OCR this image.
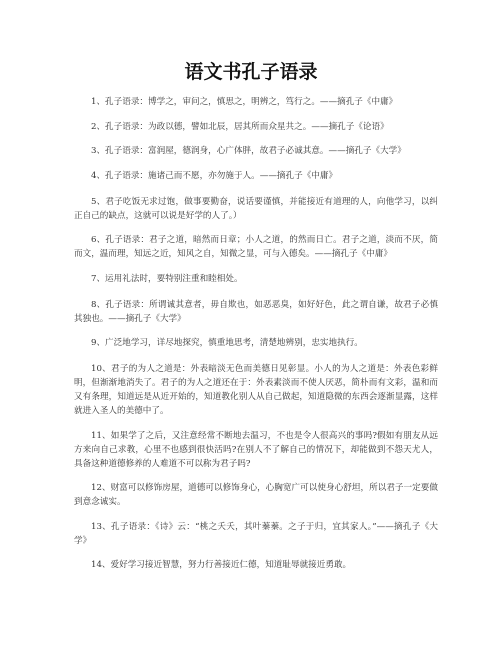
语文书孔子语录

1、孔子语录：博学之，审问之，慎思之，明辨之，笃行之。——摘孔子《中庸》

2、孔子语录：为政以德，譬如北辰，居其所而众星共之。——摘孔子《论语》

3、孔子语录：富润屋，德润身，心广体胖，故君子必诚其意。——摘孔子《大学》

4、孔子语录：施诸己而不愿，亦勿施于人。——摘孔子《中庸》

5、君子吃饭无求过饱，做事要勤奋，说话要谨慎，并能接近有道理的人，向他学习，以纠正自己的缺点，这就可以说是好学的人了。）

6、孔子语录：君子之道，暗然而日章；小人之道，的然而日亡。君子之道，淡而不厌，简而文，温而理，知远之近，知风之自，知微之显，可与入德矣。——摘孔子《中庸》

7、运用礼法时，要特别注重和睦相处。

8、孔子语录：所谓诚其意者，毋自欺也，如恶恶臭，如好好色，此之谓自谦，故君子必慎其独也。——摘孔子《大学》

9、广泛地学习，详尽地探究，慎重地思考，清楚地辨别，忠实地执行。

10、君子的为人之道是：外表暗淡无色而美德日见彰显。小人的为人之道是：外表色彩鲜明，但渐渐地消失了。君子的为人之道还在于：外表素淡而不使人厌恶，简朴而有文彩，温和而又有条理，知道远是从近开始的，知道教化别人从自己做起，知道隐微的东西会逐渐显露，这样就进入圣人的美德中了。

11、如果学了之后，又注意经常不断地去温习，不也是令人很高兴的事吗?假如有朋友从远方来向自己求教，心里不也感到很快活吗?在别人不了解自己的情况下，却能做到不怨天尤人，具备这种道德修养的人难道不可以称为君子吗?

12、财富可以修饰房屋，道德可以修饰身心，心胸宽广可以使身心舒坦，所以君子一定要做到意念诚实。

13、孔子语录：《诗》云：“桃之夭夭，其叶蓁蓁。之子于归，宜其家人。”——摘孔子《大学》

14、爱好学习接近智慧，努力行善接近仁德，知道耻辱就接近勇敢。
